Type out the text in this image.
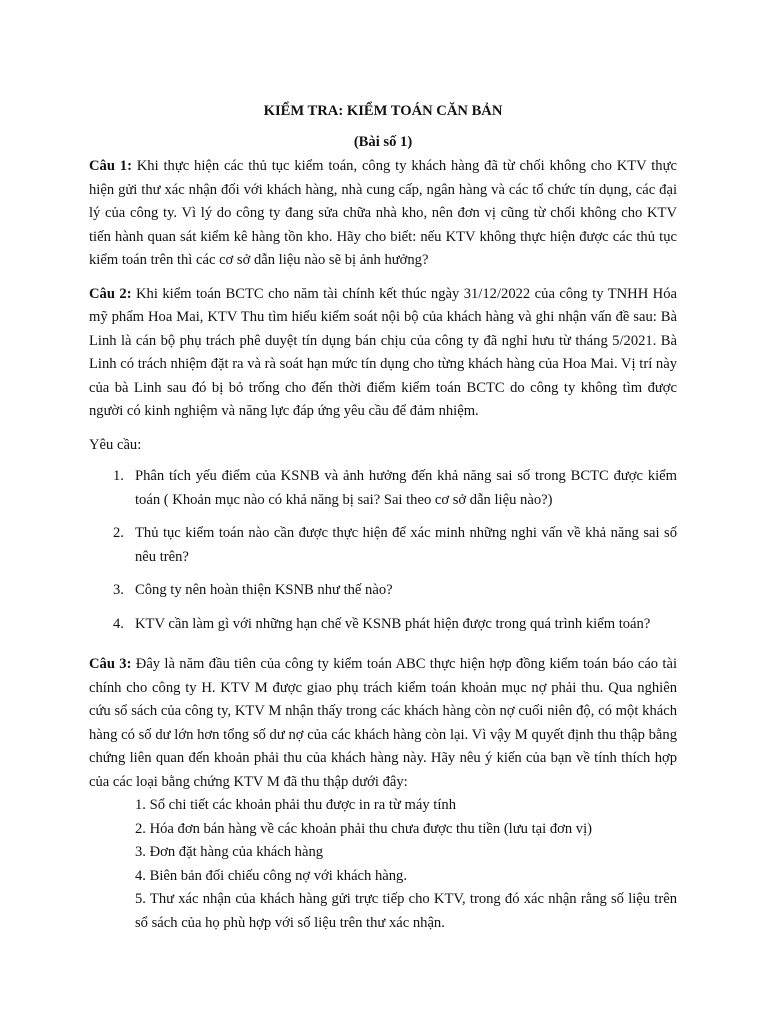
KIỂM TRA: KIỂM TOÁN CĂN BẢN

(Bài số 1)

Câu 1: Khi thực hiện các thủ tục kiểm toán, công ty khách hàng đã từ chối không cho KTV thực hiện gửi thư xác nhận đối với khách hàng, nhà cung cấp, ngân hàng và các tổ chức tín dụng, các đại lý của công ty. Vì lý do công ty đang sửa chữa nhà kho, nên đơn vị cũng từ chối không cho KTV tiến hành quan sát kiểm kê hàng tồn kho. Hãy cho biết: nếu KTV không thực hiện được các thủ tục kiểm toán trên thì các cơ sở dẫn liệu nào sẽ bị ảnh hưởng?

Câu 2: Khi kiểm toán BCTC cho năm tài chính kết thúc ngày 31/12/2022 của công ty TNHH Hóa mỹ phẩm Hoa Mai, KTV Thu tìm hiểu kiểm soát nội bộ của khách hàng và ghi nhận vấn đề sau: Bà Linh là cán bộ phụ trách phê duyệt tín dụng bán chịu của công ty đã nghỉ hưu từ tháng 5/2021. Bà Linh có trách nhiệm đặt ra và rà soát hạn mức tín dụng cho từng khách hàng của Hoa Mai. Vị trí này của bà Linh sau đó bị bỏ trống cho đến thời điểm kiểm toán BCTC do công ty không tìm được người có kinh nghiệm và năng lực đáp ứng yêu cầu để đảm nhiệm.

Yêu cầu:

1. Phân tích yếu điểm của KSNB và ảnh hưởng đến khả năng sai số trong BCTC được kiểm toán ( Khoản mục nào có khả năng bị sai? Sai theo cơ sở dẫn liệu nào?)
2. Thủ tục kiểm toán nào cần được thực hiện để xác minh những nghi vấn về khả năng sai số nêu trên?
3. Công ty nên hoàn thiện KSNB như thế nào?
4. KTV cần làm gì với những hạn chế về KSNB phát hiện được trong quá trình kiểm toán?

Câu 3: Đây là năm đầu tiên của công ty kiểm toán ABC thực hiện hợp đồng kiểm toán báo cáo tài chính cho công ty H. KTV M được giao phụ trách kiểm toán khoản mục nợ phải thu. Qua nghiên cứu sổ sách của công ty, KTV M nhận thấy trong các khách hàng còn nợ cuối niên độ, có một khách hàng có số dư lớn hơn tổng số dư nợ của các khách hàng còn lại. Vì vậy M quyết định thu thập bằng chứng liên quan đến khoản phải thu của khách hàng này. Hãy nêu ý kiến của bạn về tính thích hợp của các loại bằng chứng KTV M đã thu thập dưới đây:

1. Sổ chi tiết các khoản phải thu được in ra từ máy tính
2. Hóa đơn bán hàng về các khoản phải thu chưa được thu tiền (lưu tại đơn vị)
3. Đơn đặt hàng của khách hàng
4. Biên bản đối chiếu công nợ với khách hàng.
5. Thư xác nhận của khách hàng gửi trực tiếp cho KTV, trong đó xác nhận rằng số liệu trên sổ sách của họ phù hợp với số liệu trên thư xác nhận.
